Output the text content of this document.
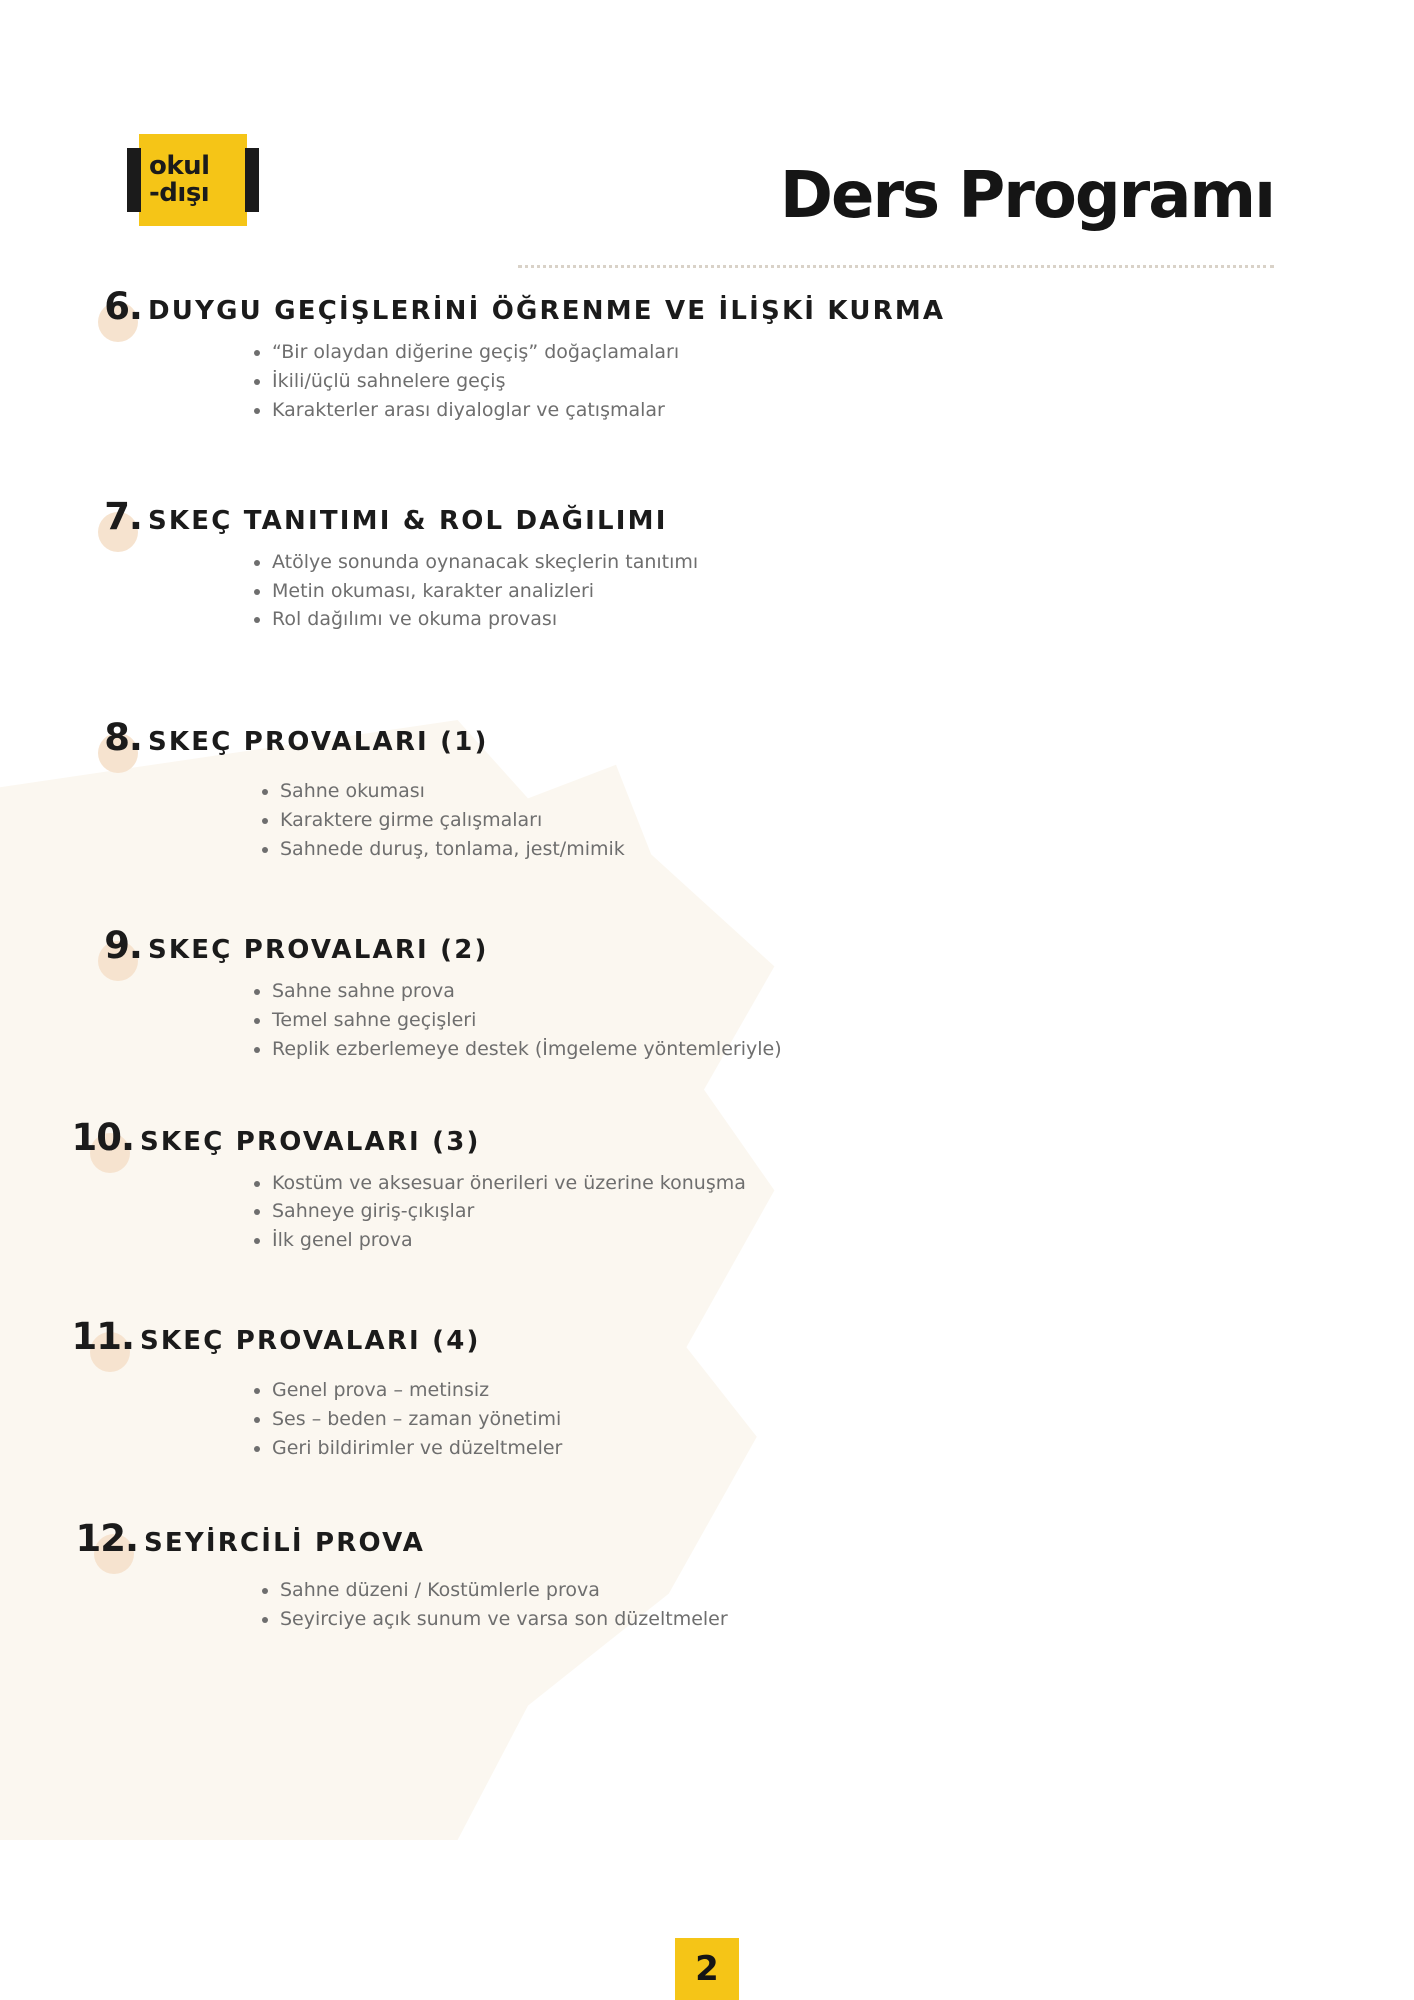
okul
-dışı	Ders Programı
6. DUYGU GEÇİŞLERİNİ ÖĞRENME VE İLİŞKİ KURMA
“Bir olaydan diğerine geçiş” doğaçlamaları
İkili/üçlü sahnelere geçiş
Karakterler arası diyaloglar ve çatışmalar
7. SKEÇ TANITIMI & ROL DAĞILIMI
Atölye sonunda oynanacak skeçlerin tanıtımı
Metin okuması, karakter analizleri
Rol dağılımı ve okuma provası
8. SKEÇ PROVALARI (1)
Sahne okuması
Karaktere girme çalışmaları
Sahnede duruş, tonlama, jest/mimik
9. SKEÇ PROVALARI (2)
Sahne sahne prova
Temel sahne geçişleri
Replik ezberlemeye destek (İmgeleme yöntemleriyle)
10. SKEÇ PROVALARI (3)
Kostüm ve aksesuar önerileri ve üzerine konuşma
Sahneye giriş-çıkışlar
İlk genel prova
11. SKEÇ PROVALARI (4)
Genel prova – metinsiz
Ses – beden – zaman yönetimi
Geri bildirimler ve düzeltmeler
12. SEYİRCİLİ PROVA
Sahne düzeni / Kostümlerle prova
Seyirciye açık sunum ve varsa son düzeltmeler
2
